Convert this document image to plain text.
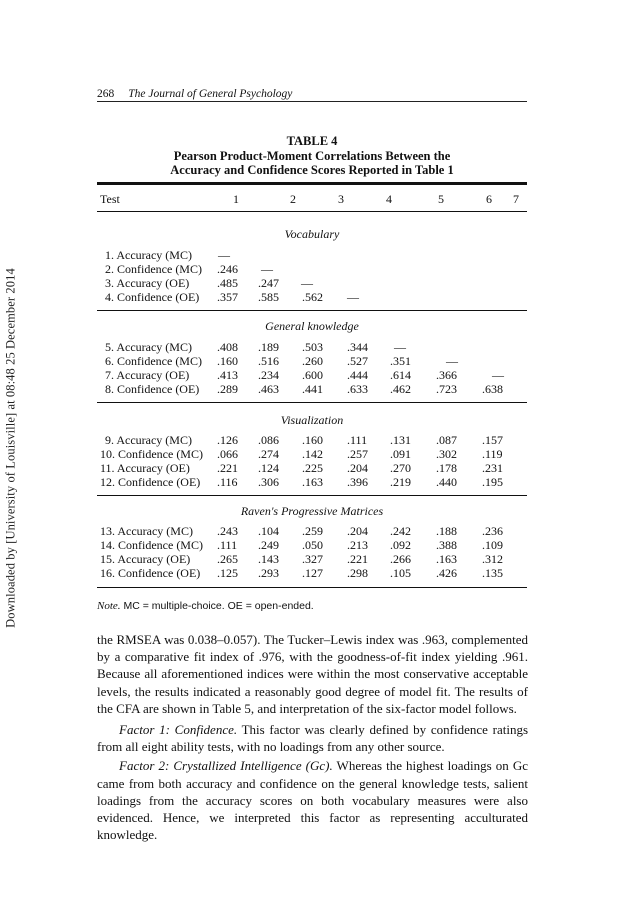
Downloaded by [University of Louisville] at 08:48 25 December 2014
268 The Journal of General Psychology
TABLE 4
Pearson Product-Moment Correlations Between the
Accuracy and Confidence Scores Reported in Table 1
Test	1	2	3	4	5	6 7
Vocabulary
1. Accuracy (MC) —
2. Confidence (MC) .246 —
3. Accuracy (OE) .485 .247 —
4. Confidence (OE) .357 .585 .562 —
General knowledge
5. Accuracy (MC) .408 .189 .503 .344 —
6. Confidence (MC) .160 .516 .260 .527 .351	—
7. Accuracy (OE) .413 .234 .600 .444 .614 .366	—
8. Confidence (OE) .289 .463 .441 .633 .462 .723 .638
Visualization
9. Accuracy (MC) .126 .086 .160 .111 .131 .087 .157
10. Confidence (MC) .066 .274 .142 .257 .091 .302 .119
11. Accuracy (OE) .221 .124 .225 .204 .270 .178 .231
12. Confidence (OE) .116 .306 .163 .396 .219 .440 .195
Raven's Progressive Matrices
13. Accuracy (MC) .243 .104 .259 .204 .242 .188 .236
14. Confidence (MC) .111 .249 .050 .213 .092 .388 .109
15. Accuracy (OE) .265 .143 .327 .221 .266 .163 .312
16. Confidence (OE) .125 .293 .127 .298 .105 .426 .135
Note. MC = multiple-choice. OE = open-ended.

the RMSEA was 0.038–0.057). The Tucker–Lewis index was .963, complemented by a comparative fit index of .976, with the goodness-of-fit index yielding .961. Because all aforementioned indices were within the most conservative acceptable levels, the results indicated a reasonably good degree of model fit. The results of the CFA are shown in Table 5, and interpretation of the six-factor model follows.

Factor 1: Confidence. This factor was clearly defined by confidence ratings from all eight ability tests, with no loadings from any other source.

Factor 2: Crystallized Intelligence (Gc). Whereas the highest loadings on Gc came from both accuracy and confidence on the general knowledge tests, salient loadings from the accuracy scores on both vocabulary measures were also evidenced. Hence, we interpreted this factor as representing acculturated knowledge.
